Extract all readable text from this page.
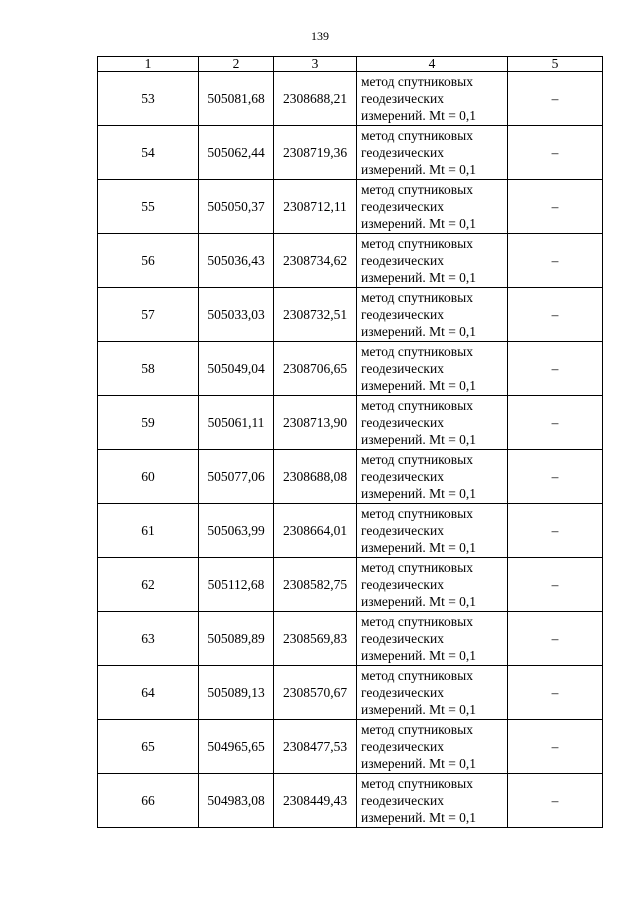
139
1	2	3	4	5
53	505081,68	2308688,21	метод спутниковых
геодезических
измерений. Mt = 0,1	–
54	505062,44	2308719,36	метод спутниковых
геодезических
измерений. Mt = 0,1	–
55	505050,37	2308712,11	метод спутниковых
геодезических
измерений. Mt = 0,1	–
56	505036,43	2308734,62	метод спутниковых
геодезических
измерений. Mt = 0,1	–
57	505033,03	2308732,51	метод спутниковых
геодезических
измерений. Mt = 0,1	–
58	505049,04	2308706,65	метод спутниковых
геодезических
измерений. Mt = 0,1	–
59	505061,11	2308713,90	метод спутниковых
геодезических
измерений. Mt = 0,1	–
60	505077,06	2308688,08	метод спутниковых
геодезических
измерений. Mt = 0,1	–
61	505063,99	2308664,01	метод спутниковых
геодезических
измерений. Mt = 0,1	–
62	505112,68	2308582,75	метод спутниковых
геодезических
измерений. Mt = 0,1	–
63	505089,89	2308569,83	метод спутниковых
геодезических
измерений. Mt = 0,1	–
64	505089,13	2308570,67	метод спутниковых
геодезических
измерений. Mt = 0,1	–
65	504965,65	2308477,53	метод спутниковых
геодезических
измерений. Mt = 0,1	–
66	504983,08	2308449,43	метод спутниковых
геодезических
измерений. Mt = 0,1	–
